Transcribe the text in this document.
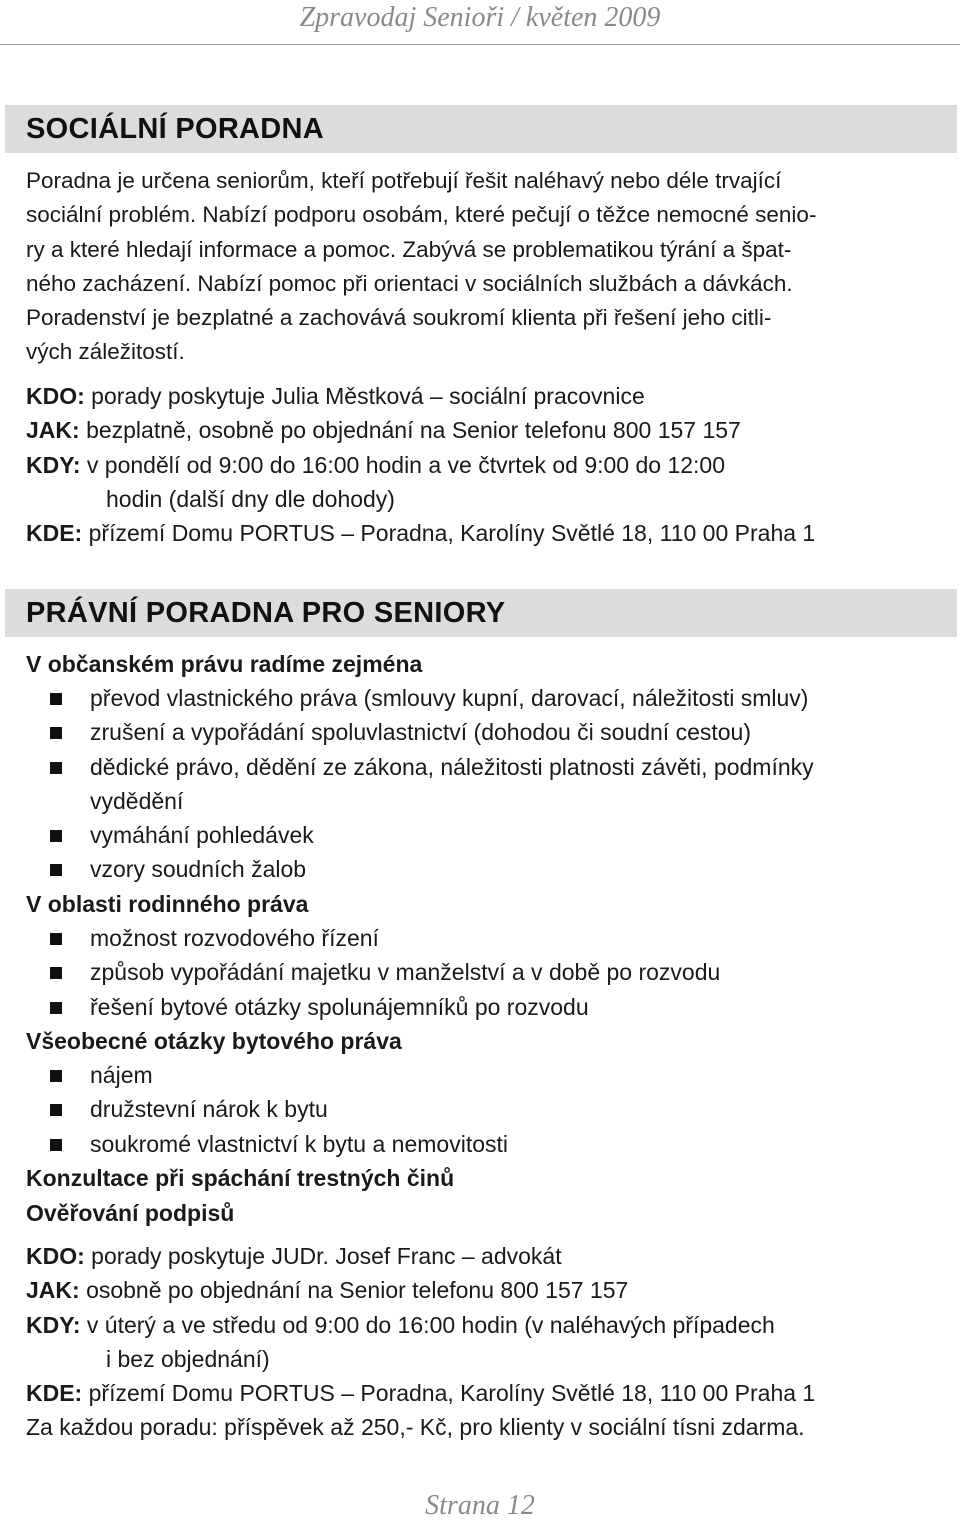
Zpravodaj Senioři / květen 2009
SOCIÁLNÍ PORADNA
Poradna je určena seniorům, kteří potřebují řešit naléhavý nebo déle trvající
sociální problém. Nabízí podporu osobám, které pečují o těžce nemocné senio-
ry a které hledají informace a pomoc. Zabývá se problematikou týrání a špat-
ného zacházení. Nabízí pomoc při orientaci v sociálních službách a dávkách.
Poradenství je bezplatné a zachovává soukromí klienta při řešení jeho citli-
vých záležitostí.
KDO: porady poskytuje Julia Městková – sociální pracovnice
JAK: bezplatně, osobně po objednání na Senior telefonu 800 157 157
KDY: v pondělí od 9:00 do 16:00 hodin a ve čtvrtek od 9:00 do 12:00
hodin (další dny dle dohody)
KDE: přízemí Domu PORTUS – Poradna, Karolíny Světlé 18, 110 00 Praha 1
PRÁVNÍ PORADNA PRO SENIORY
V občanském právu radíme zejména
převod vlastnického práva (smlouvy kupní, darovací, náležitosti smluv)
zrušení a vypořádání spoluvlastnictví (dohodou či soudní cestou)
dědické právo, dědění ze zákona, náležitosti platnosti závěti, podmínky
vydědění
vymáhání pohledávek
vzory soudních žalob
V oblasti rodinného práva
možnost rozvodového řízení
způsob vypořádání majetku v manželství a v době po rozvodu
řešení bytové otázky spolunájemníků po rozvodu
Všeobecné otázky bytového práva
nájem
družstevní nárok k bytu
soukromé vlastnictví k bytu a nemovitosti
Konzultace při spáchání trestných činů
Ověřování podpisů
KDO: porady poskytuje JUDr. Josef Franc – advokát
JAK: osobně po objednání na Senior telefonu 800 157 157
KDY: v úterý a ve středu od 9:00 do 16:00 hodin (v naléhavých případech
i bez objednání)
KDE: přízemí Domu PORTUS – Poradna, Karolíny Světlé 18, 110 00 Praha 1
Za každou poradu: příspěvek až 250,- Kč, pro klienty v sociální tísni zdarma.
Strana 12
